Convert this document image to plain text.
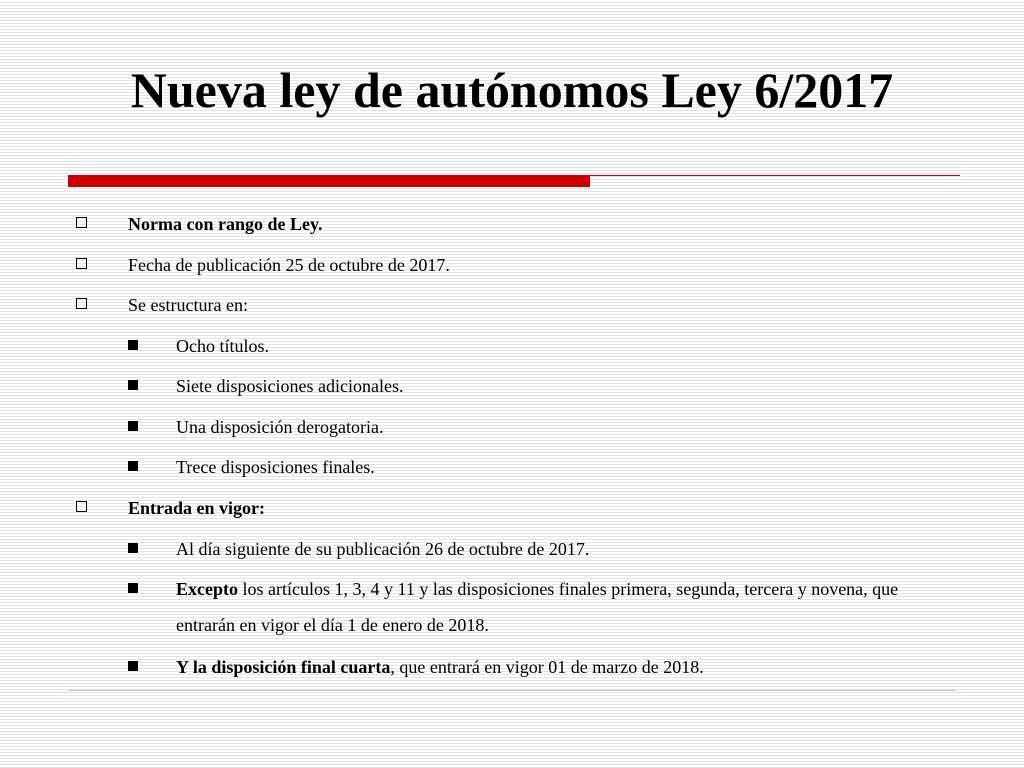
Nueva ley de autónomos Ley 6/2017
Norma con rango de Ley.
Fecha de publicación 25 de octubre de 2017.
Se estructura en:
Ocho títulos.
Siete disposiciones adicionales.
Una disposición derogatoria.
Trece disposiciones finales.
Entrada en vigor:
Al día siguiente de su publicación 26 de octubre de 2017.
Excepto los artículos 1, 3, 4 y 11 y las disposiciones finales primera, segunda, tercera y novena, que entrarán en vigor el día 1 de enero de 2018.
Y la disposición final cuarta, que entrará en vigor 01 de marzo de 2018.
